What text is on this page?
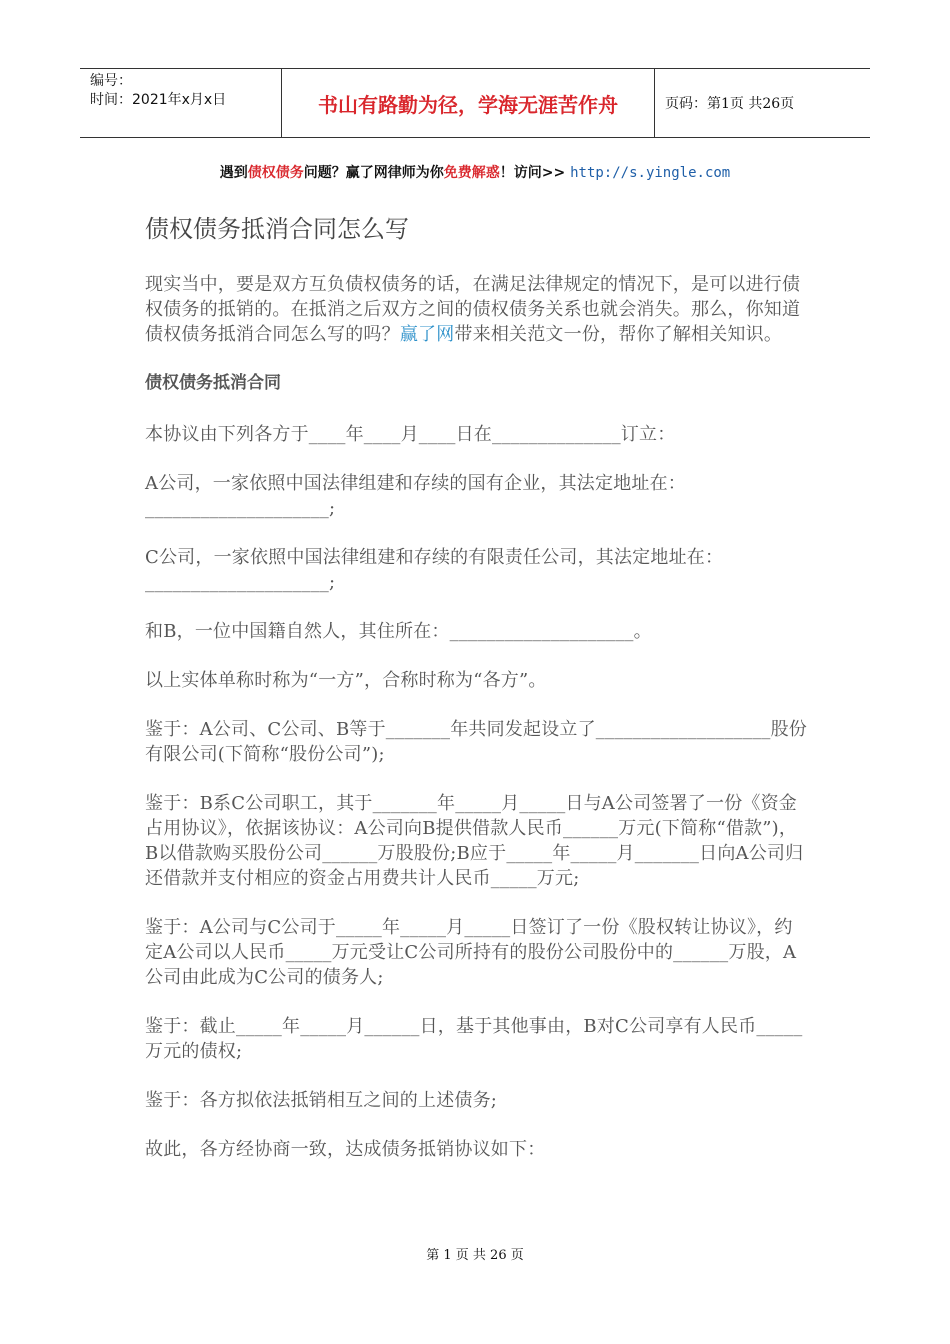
编号：
时间：2021年x月x日	书山有路勤为径，学海无涯苦作舟	页码：第1页 共26页
遇到债权债务问题？赢了网律师为你免费解惑！访问>> http://s.yingle.com
债权债务抵消合同怎么写
现实当中，要是双方互负债权债务的话，在满足法律规定的情况下，是可以进行债权债务的抵销的。在抵消之后双方之间的债权债务关系也就会消失。那么，你知道债权债务抵消合同怎么写的吗？赢了网带来相关范文一份，帮你了解相关知识。
债权债务抵消合同
本协议由下列各方于____年____月____日在______________订立：
A公司，一家依照中国法律组建和存续的国有企业，其法定地址在：____________________;
C公司，一家依照中国法律组建和存续的有限责任公司，其法定地址在：____________________;
和B，一位中国籍自然人，其住所在：____________________。
以上实体单称时称为“一方”，合称时称为“各方”。
鉴于：A公司、C公司、B等于_______年共同发起设立了___________________股份有限公司(下简称“股份公司”);
鉴于：B系C公司职工，其于_______年_____月_____日与A公司签署了一份《资金占用协议》，依据该协议：A公司向B提供借款人民币______万元(下简称“借款”)，B以借款购买股份公司______万股股份;B应于_____年_____月_______日向A公司归还借款并支付相应的资金占用费共计人民币_____万元;
鉴于：A公司与C公司于_____年_____月_____日签订了一份《股权转让协议》，约定A公司以人民币_____万元受让C公司所持有的股份公司股份中的______万股，A公司由此成为C公司的债务人;
鉴于：截止_____年_____月______日，基于其他事由，B对C公司享有人民币_____万元的债权;
鉴于：各方拟依法抵销相互之间的上述债务;
故此，各方经协商一致，达成债务抵销协议如下：
第 1 页 共 26 页
